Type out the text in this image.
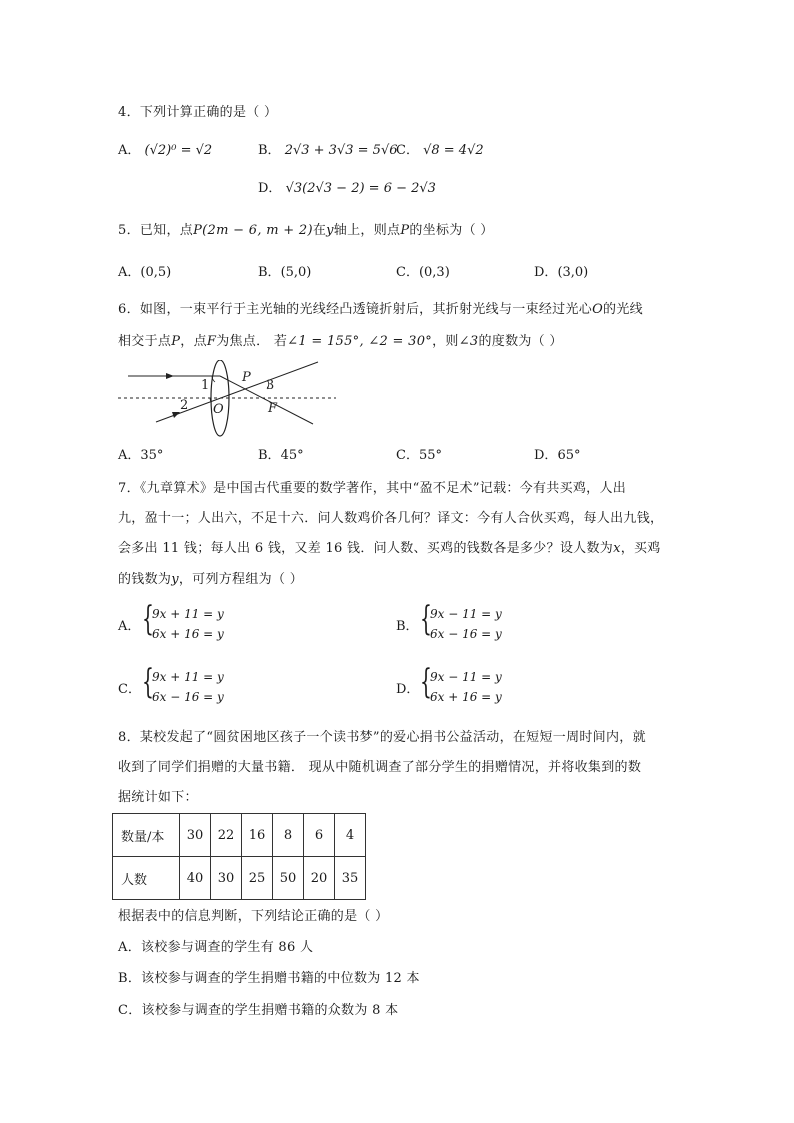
4．下列计算正确的是（ ）
A． (√2)⁰ = √2	B． 2√3 + 3√3 = 5√6
C． √8 = 4√2
D． √3(2√3 − 2) = 6 − 2√3
5．已知，点P(2m − 6, m + 2)在y轴上，则点P的坐标为（ ）
A．(0,5)	B．(5,0)	C．(0,3)	D．(3,0)
6．如图，一束平行于主光轴的光线经凸透镜折射后，其折射光线与一束经过光心O的光线
相交于点P，点F为焦点． 若∠1 = 155°, ∠2 = 30°，则∠3的度数为（ ）
1
2
3
P
O	F
A．35°	B．45°	C．55°	D．65°
7．《九章算术》是中国古代重要的数学著作，其中“盈不足术”记载：今有共买鸡，人出
九，盈十一；人出六，不足十六．问人数鸡价各几何？译文：今有人合伙买鸡，每人出九钱，
会多出 11 钱；每人出 6 钱，又差 16 钱．问人数、买鸡的钱数各是多少？设人数为x，买鸡
的钱数为y，可列方程组为（ ）
A． {
9x + 11 = y
6x + 16 = y	B． {
9x − 11 = y
6x − 16 = y
C． {
9x + 11 = y
6x − 16 = y	D． {
9x − 11 = y
6x + 16 = y
8．某校发起了“圆贫困地区孩子一个读书梦”的爱心捐书公益活动，在短短一周时间内，就
收到了同学们捐赠的大量书籍． 现从中随机调查了部分学生的捐赠情况，并将收集到的数
据统计如下：
数量/本	30	22	16	8	6	4
人数	40	30	25	50	20	35
根据表中的信息判断，下列结论正确的是（ ）
A．该校参与调查的学生有 86 人
B．该校参与调查的学生捐赠书籍的中位数为 12 本
C．该校参与调查的学生捐赠书籍的众数为 8 本
